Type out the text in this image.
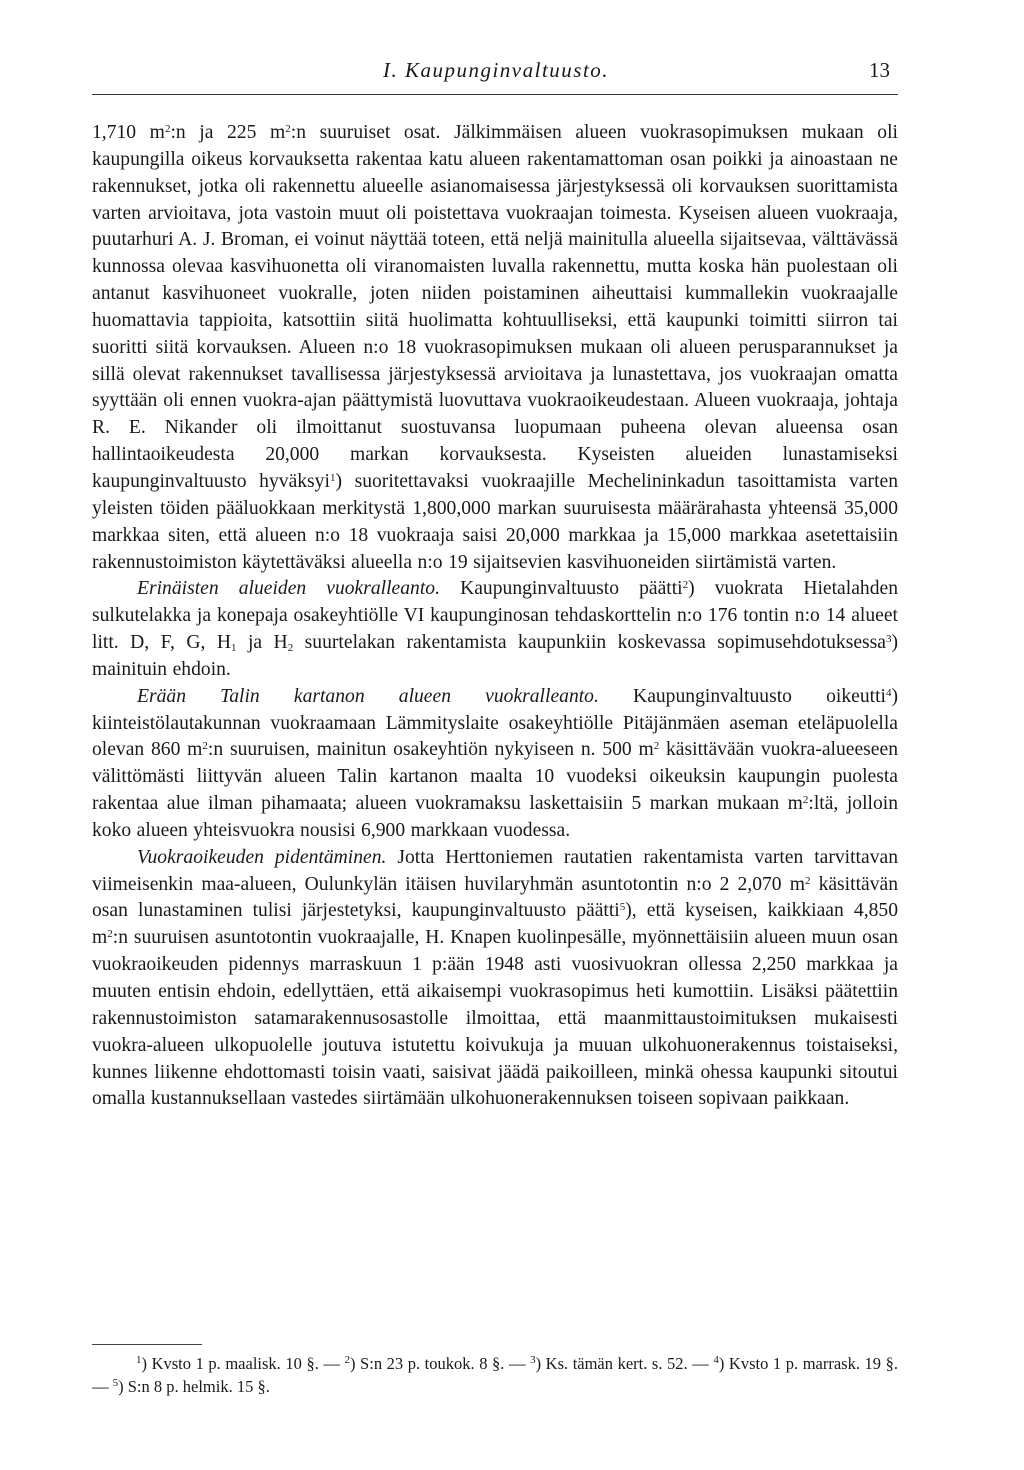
I. Kaupunginvaltuusto.	13

1,710 $m^2:n$ ja 225 $m^2:n$ suuruiset osat. Jälkimmäisen alueen vuokrasopimuksen mukaan oli kaupungilla oikeus korvauksetta rakentaa katu alueen rakentamattoman osan poikki ja ainoastaan ne rakennukset, jotka oli rakennettu alueelle asianomaisessa järjestyksessä oli korvauksen suorittamista varten arvioitava, jota vastoin muut oli poistettava vuokraajan toimesta. Kyseisen alueen vuokraaja, puutarhuri A. J. Broman, ei voinut näyttää toteen, että neljä mainitulla alueella sijaitsevaa, välttävässä kunnossa olevaa kasvihuonetta oli viranomaisten luvalla rakennettu, mutta koska hän puolestaan oli antanut kasvihuoneet vuokralle, joten niiden poistaminen aiheuttaisi kummallekin vuokraajalle huomattavia tappioita, katsottiin siitä huolimatta kohtuulliseksi, että kaupunki toimitti siirron tai suoritti siitä korvauksen. Alueen n:o 18 vuokrasopimuksen mukaan oli alueen perusparannukset ja sillä olevat rakennukset tavallisessa järjestyksessä arvioitava ja lunastettava, jos vuokraajan omatta syyttään oli ennen vuokra-ajan päättymistä luovuttava vuokraoikeudestaan. Alueen vuokraaja, johtaja R. E. Nikander oli ilmoittanut suostuvansa luopumaan puheena olevan alueensa osan hallintaoikeudesta 20,000 markan korvauksesta. Kyseisten alueiden lunastamiseksi kaupunginvaltuusto hyväksyi$^1$) suoritettavaksi vuokraajille Mechelininkadun tasoittamista varten yleisten töiden pääluokkaan merkitystä 1,800,000 markan suuruisesta määrärahasta yhteensä 35,000 markkaa siten, että alueen n:o 18 vuokraaja saisi 20,000 markkaa ja 15,000 markkaa asetettaisiin rakennustoimiston käytettäväksi alueella n:o 19 sijaitsevien kasvihuoneiden siirtämistä varten.

Erinäisten alueiden vuokralleanto. Kaupunginvaltuusto päätti$^2$) vuokrata Hietalahden sulkutelakka ja konepaja osakeyhtiölle VI kaupunginosan tehdaskorttelin n:o 176 tontin n:o 14 alueet litt. D, F, G, $H_1$ ja $H_2$ suurtelakan rakentamista kaupunkiin koskevassa sopimusehdotuksessa$^3$) mainituin ehdoin.

Erään Talin kartanon alueen vuokralleanto. Kaupunginvaltuusto oikeutti$^4$) kiinteistölautakunnan vuokraamaan Lämmityslaite osakeyhtiölle Pitäjänmäen aseman eteläpuolella olevan 860 $m^2:n$ suuruisen, mainitun osakeyhtiön nykyiseen n. 500 $m^2$ käsittävään vuokra-alueeseen välittömästi liittyvän alueen Talin kartanon maalta 10 vuodeksi oikeuksin kaupungin puolesta rakentaa alue ilman pihamaata; alueen vuokramaksu laskettaisiin 5 markan mukaan $m^2:ltä$, jolloin koko alueen yhteisvuokra nousisi 6,900 markkaan vuodessa.

Vuokraoikeuden pidentäminen. Jotta Herttoniemen rautatien rakentamista varten tarvittavan viimeisenkin maa-alueen, Oulunkylän itäisen huvilaryhmän asuntotontin n:o 2 2,070 $m^2$ käsittävän osan lunastaminen tulisi järjestetyksi, kaupunginvaltuusto päätti$^5$), että kyseisen, kaikkiaan 4,850 $m^2:n$ suuruisen asuntotontin vuokraajalle, H. Knapen kuolinpesälle, myönnettäisiin alueen muun osan vuokraoikeuden pidennys marraskuun 1 p:ään 1948 asti vuosivuokran ollessa 2,250 markkaa ja muuten entisin ehdoin, edellyttäen, että aikaisempi vuokrasopimus heti kumottiin. Lisäksi päätettiin rakennustoimiston satamarakennusosastolle ilmoittaa, että maanmittaustoimituksen mukaisesti vuokra-alueen ulkopuolelle joutuva istutettu koivukuja ja muuan ulkohuonerakennus toistaiseksi, kunnes liikenne ehdottomasti toisin vaati, saisivat jäädä paikoilleen, minkä ohessa kaupunki sitoutui omalla kustannuksellaan vastedes siirtämään ulkohuonerakennuksen toiseen sopivaan paikkaan.

$^1$) Kvsto 1 p. maalisk. 10 §. — $^2$) S:n 23 p. toukok. 8 §. — $^3$) Ks. tämän kert. s. 52. — $^4$) Kvsto 1 p. marrask. 19 §. — $^5$) S:n 8 p. helmik. 15 §.
